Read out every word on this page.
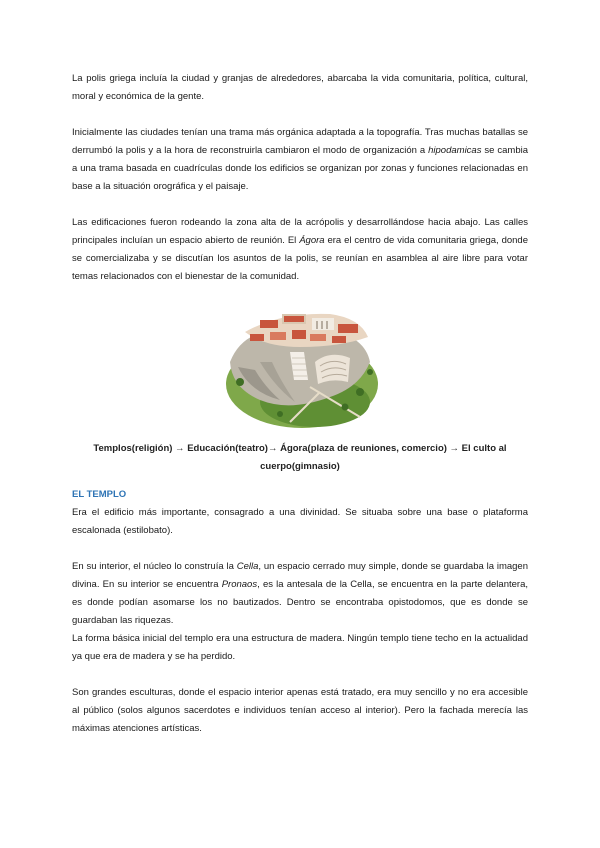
La polis griega incluía la ciudad y granjas de alrededores, abarcaba la vida comunitaria, política, cultural, moral y económica de la gente.

Inicialmente las ciudades tenían una trama más orgánica adaptada a la topografía. Tras muchas batallas se derrumbó la polis y a la hora de reconstruirla cambiaron el modo de organización a hipodamicas se cambia a una trama basada en cuadrículas donde los edificios se organizan por zonas y funciones relacionadas en base a la situación orográfica y el paisaje.

Las edificaciones fueron rodeando la zona alta de la acrópolis y desarrollándose hacia abajo. Las calles principales incluían un espacio abierto de reunión. El Ágora era el centro de vida comunitaria griega, donde se comercializaba y se discutían los asuntos de la polis, se reunían en asamblea al aire libre para votar temas relacionados con el bienestar de la comunidad.

Templos(religión) → Educación(teatro)→ Ágora(plaza de reuniones, comercio) → El culto al

cuerpo(gimnasio)

EL TEMPLO

Era el edificio más importante, consagrado a una divinidad. Se situaba sobre una base o plataforma escalonada (estilobato).

En su interior, el núcleo lo construía la Cella, un espacio cerrado muy simple, donde se guardaba la imagen divina. En su interior se encuentra Pronaos, es la antesala de la Cella, se encuentra en la parte delantera, es donde podían asomarse los no bautizados. Dentro se encontraba opistodomos, que es donde se guardaban las riquezas.

La forma básica inicial del templo era una estructura de madera. Ningún templo tiene techo en la actualidad ya que era de madera y se ha perdido.

Son grandes esculturas, donde el espacio interior apenas está tratado, era muy sencillo y no era accesible al público (solos algunos sacerdotes e individuos tenían acceso al interior). Pero la fachada merecía las máximas atenciones artísticas.
